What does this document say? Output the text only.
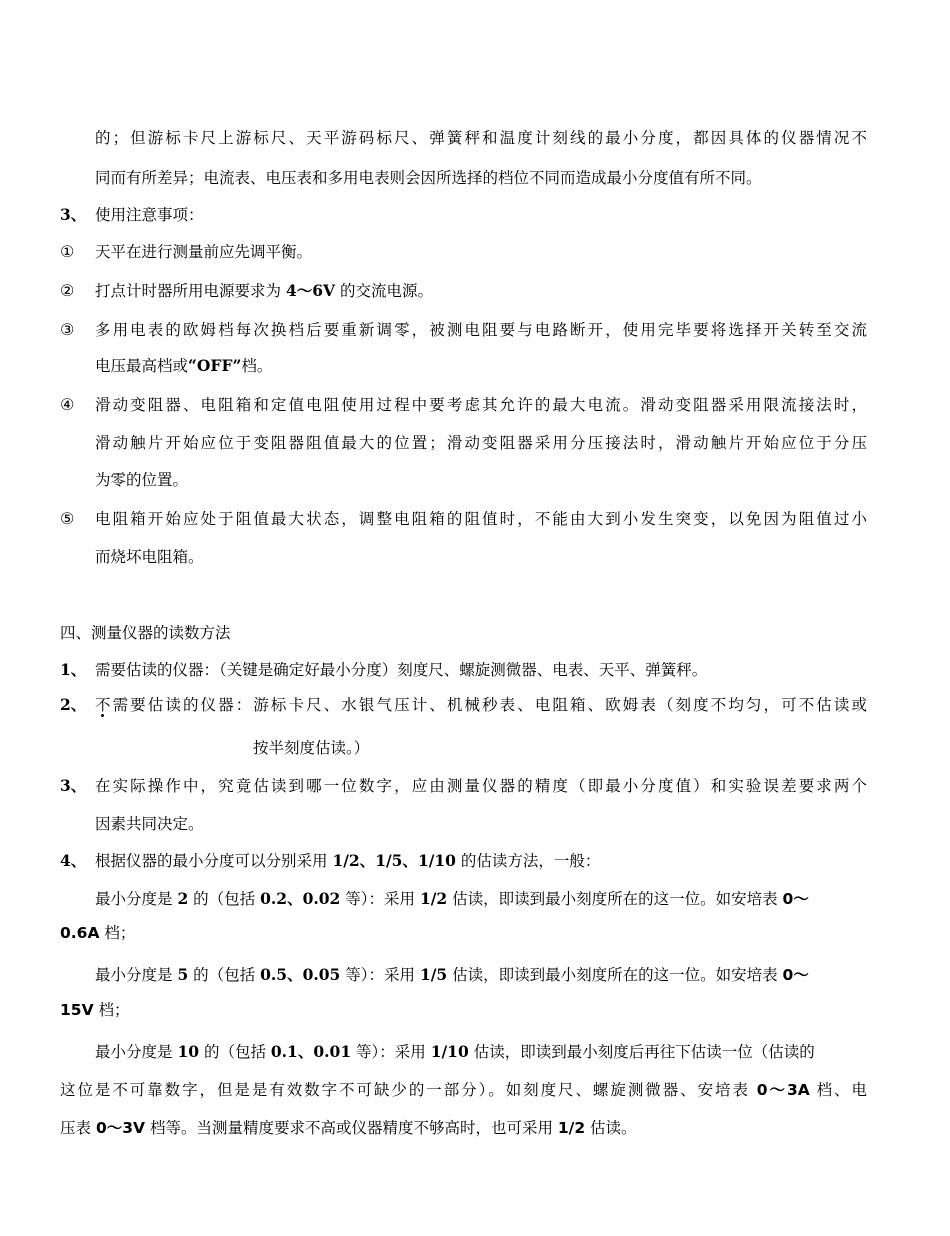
的；但游标卡尺上游标尺、天平游码标尺、弹簧秤和温度计刻线的最小分度，都因具体的仪器情况不
同而有所差异；电流表、电压表和多用电表则会因所选择的档位不同而造成最小分度值有所不同。
3、 使用注意事项：
① 天平在进行测量前应先调平衡。
② 打点计时器所用电源要求为 4～6V 的交流电源。
③ 多用电表的欧姆档每次换档后要重新调零，被测电阻要与电路断开，使用完毕要将选择开关转至交流
电压最高档或“OFF”档。
④ 滑动变阻器、电阻箱和定值电阻使用过程中要考虑其允许的最大电流。滑动变阻器采用限流接法时，
滑动触片开始应位于变阻器阻值最大的位置；滑动变阻器采用分压接法时，滑动触片开始应位于分压
为零的位置。
⑤ 电阻箱开始应处于阻值最大状态，调整电阻箱的阻值时，不能由大到小发生突变，以免因为阻值过小
而烧坏电阻箱。
四、测量仪器的读数方法
1、 需要估读的仪器：（关键是确定好最小分度）刻度尺、螺旋测微器、电表、天平、弹簧秤。
2、 不需要估读的仪器：游标卡尺、水银气压计、机械秒表、电阻箱、欧姆表（刻度不均匀，可不估读或
按半刻度估读。）
3、 在实际操作中，究竟估读到哪一位数字，应由测量仪器的精度（即最小分度值）和实验误差要求两个
因素共同决定。
4、 根据仪器的最小分度可以分别采用 1/2、1/5、1/10 的估读方法，一般：
最小分度是 2 的（包括 0.2、0.02 等）：采用 1/2 估读，即读到最小刻度所在的这一位。如安培表 0～
0.6A 档；
最小分度是 5 的（包括 0.5、0.05 等）：采用 1/5 估读，即读到最小刻度所在的这一位。如安培表 0～
15V 档；
最小分度是 10 的（包括 0.1、0.01 等）：采用 1/10 估读，即读到最小刻度后再往下估读一位（估读的
这位是不可靠数字，但是是有效数字不可缺少的一部分）。如刻度尺、螺旋测微器、安培表 0～3A 档、电
压表 0～3V 档等。当测量精度要求不高或仪器精度不够高时，也可采用 1/2 估读。
